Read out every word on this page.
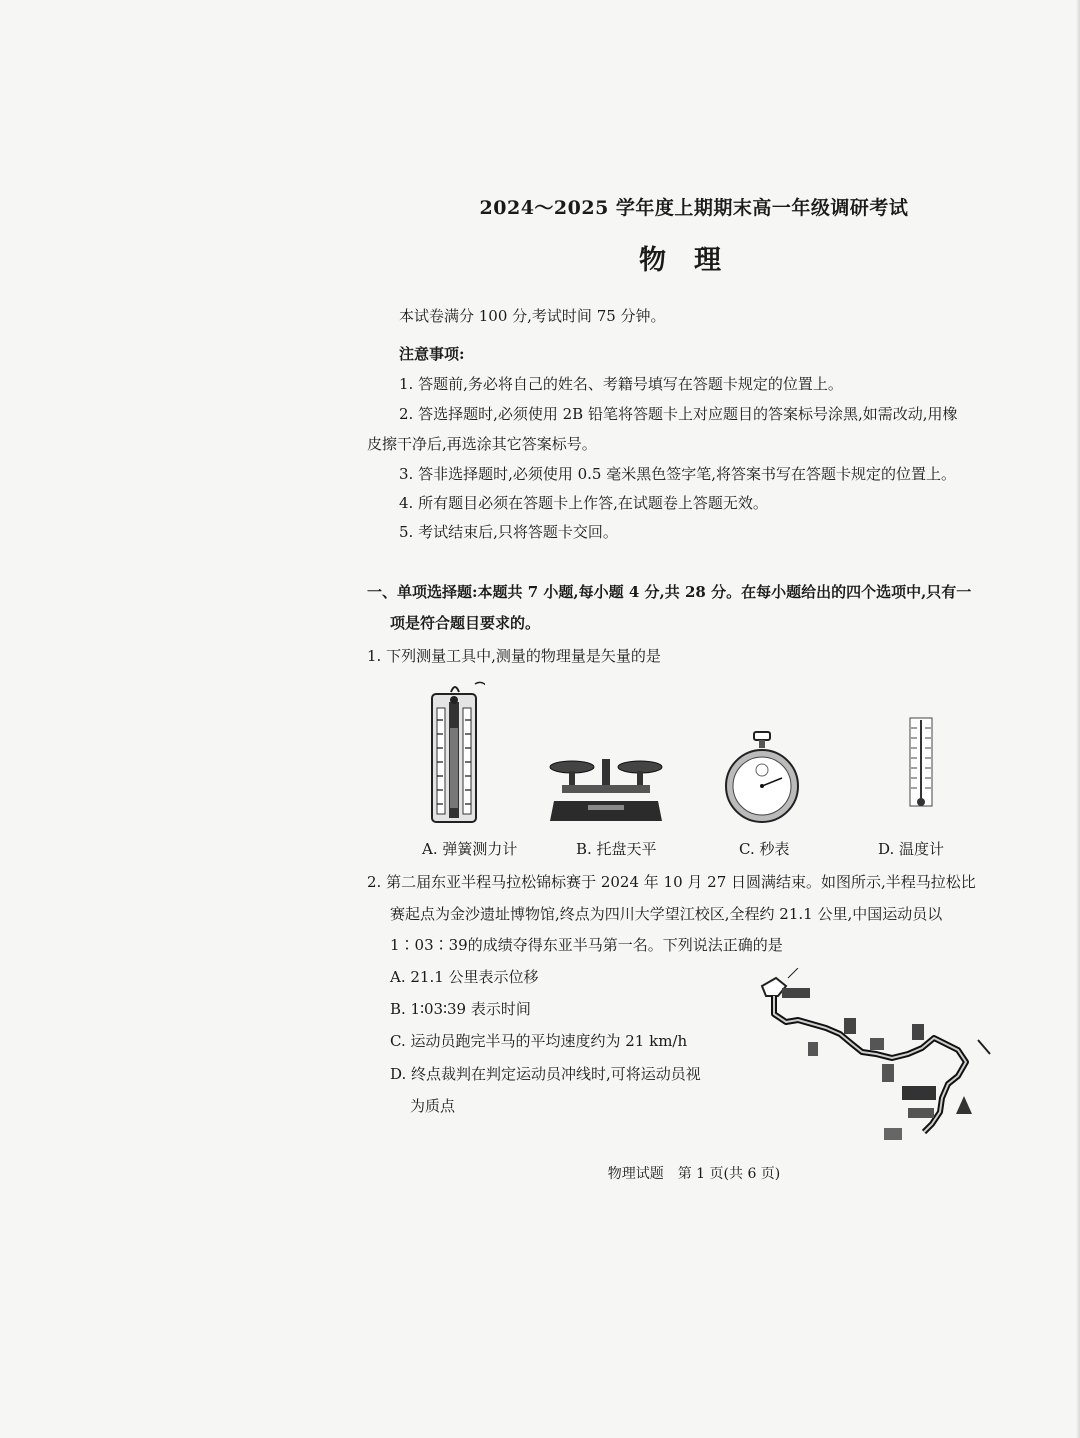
2024～2025 学年度上期期末高一年级调研考试
物理
本试卷满分 100 分,考试时间 75 分钟。
注意事项:
1. 答题前,务必将自己的姓名、考籍号填写在答题卡规定的位置上。
2. 答选择题时,必须使用 2B 铅笔将答题卡上对应题目的答案标号涂黑,如需改动,用橡
皮擦干净后,再选涂其它答案标号。
3. 答非选择题时,必须使用 0.5 毫米黑色签字笔,将答案书写在答题卡规定的位置上。
4. 所有题目必须在答题卡上作答,在试题卷上答题无效。
5. 考试结束后,只将答题卡交回。
一、单项选择题:本题共 7 小题,每小题 4 分,共 28 分。在每小题给出的四个选项中,只有一
项是符合题目要求的。
1. 下列测量工具中,测量的物理量是矢量的是
A. 弹簧测力计	B. 托盘天平	C. 秒表	D. 温度计
2. 第二届东亚半程马拉松锦标赛于 2024 年 10 月 27 日圆满结束。如图所示,半程马拉松比
赛起点为金沙遗址博物馆,终点为四川大学望江校区,全程约 21.1 公里,中国运动员以
1∶03∶39的成绩夺得东亚半马第一名。下列说法正确的是
A. 21.1 公里表示位移
B. 1∶03∶39 表示时间
C. 运动员跑完半马的平均速度约为 21 km/h
D. 终点裁判在判定运动员冲线时,可将运动员视
为质点
物理试题　第 1 页(共 6 页)
